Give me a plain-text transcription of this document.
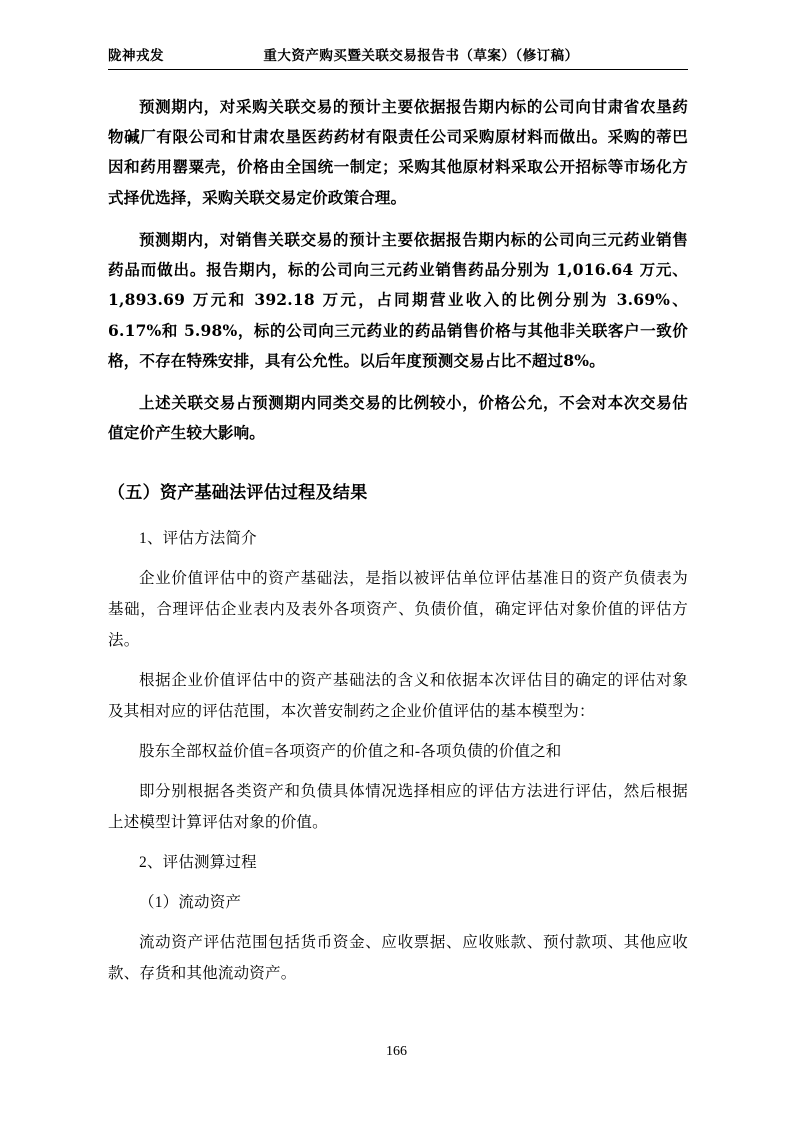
陇神戎发	重大资产购买暨关联交易报告书（草案）（修订稿）

预测期内，对采购关联交易的预计主要依据报告期内标的公司向甘肃省农垦药物碱厂有限公司和甘肃农垦医药药材有限责任公司采购原材料而做出。采购的蒂巴因和药用罂粟壳，价格由全国统一制定；采购其他原材料采取公开招标等市场化方式择优选择，采购关联交易定价政策合理。

预测期内，对销售关联交易的预计主要依据报告期内标的公司向三元药业销售药品而做出。报告期内，标的公司向三元药业销售药品分别为 1,016.64 万元、1,893.69 万元和 392.18 万元，占同期营业收入的比例分别为 3.69%、6.17%和 5.98%，标的公司向三元药业的药品销售价格与其他非关联客户一致价格，不存在特殊安排，具有公允性。以后年度预测交易占比不超过8%。

上述关联交易占预测期内同类交易的比例较小，价格公允，不会对本次交易估值定价产生较大影响。

（五）资产基础法评估过程及结果

1、评估方法简介

企业价值评估中的资产基础法，是指以被评估单位评估基准日的资产负债表为基础，合理评估企业表内及表外各项资产、负债价值，确定评估对象价值的评估方法。

根据企业价值评估中的资产基础法的含义和依据本次评估目的确定的评估对象及其相对应的评估范围，本次普安制药之企业价值评估的基本模型为：

股东全部权益价值=各项资产的价值之和-各项负债的价值之和

即分别根据各类资产和负债具体情况选择相应的评估方法进行评估，然后根据上述模型计算评估对象的价值。

2、评估测算过程

（1）流动资产

流动资产评估范围包括货币资金、应收票据、应收账款、预付款项、其他应收款、存货和其他流动资产。

166
